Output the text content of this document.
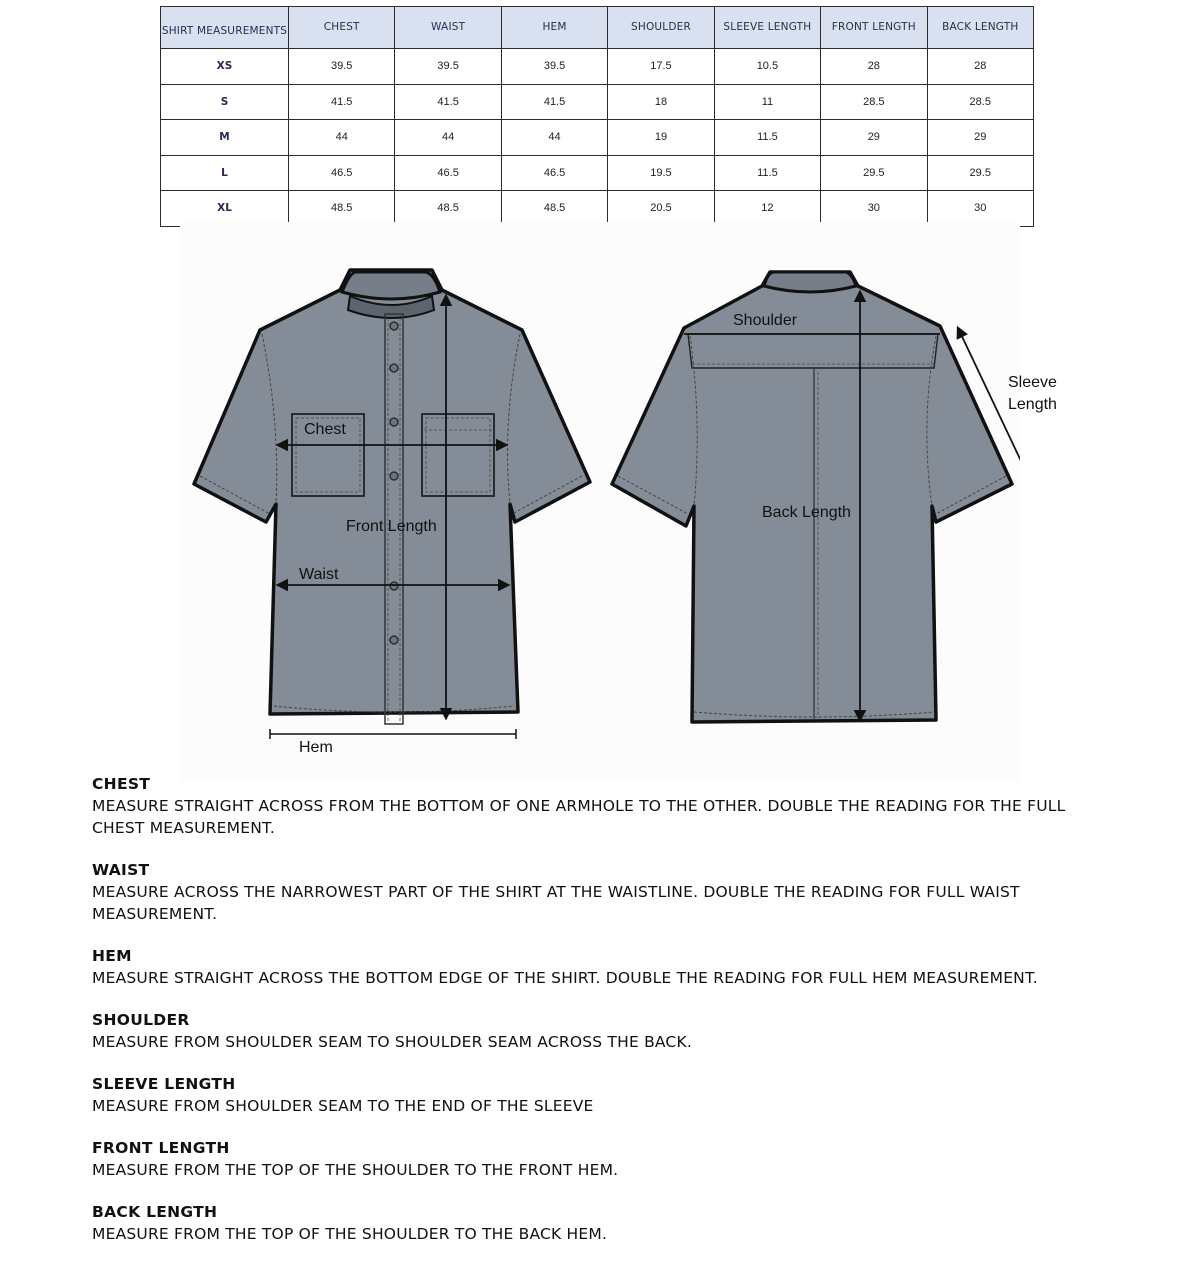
SHIRT MEASUREMENTS	CHEST	WAIST	HEM	SHOULDER	SLEEVE LENGTH	FRONT LENGTH	BACK LENGTH
XS	39.5	39.5	39.5	17.5	10.5	28	28
S	41.5	41.5	41.5	18	11	28.5	28.5
M	44	44	44	19	11.5	29	29
L	46.5	46.5	46.5	19.5	11.5	29.5	29.5
XL	48.5	48.5	48.5	20.5	12	30	30
Chest
Front Length
Waist
Hem
Shoulder
Back Length
Sleeve
Length
CHEST
MEASURE STRAIGHT ACROSS FROM THE BOTTOM OF ONE ARMHOLE TO THE OTHER. DOUBLE THE READING FOR THE FULL CHEST MEASUREMENT.
WAIST
MEASURE ACROSS THE NARROWEST PART OF THE SHIRT AT THE WAISTLINE. DOUBLE THE READING FOR FULL WAIST MEASUREMENT.
HEM
MEASURE STRAIGHT ACROSS THE BOTTOM EDGE OF THE SHIRT. DOUBLE THE READING FOR FULL HEM MEASUREMENT.
SHOULDER
MEASURE FROM SHOULDER SEAM TO SHOULDER SEAM ACROSS THE BACK.
SLEEVE LENGTH
MEASURE FROM SHOULDER SEAM TO THE END OF THE SLEEVE
FRONT LENGTH
MEASURE FROM THE TOP OF THE SHOULDER TO THE FRONT HEM.
BACK LENGTH
MEASURE FROM THE TOP OF THE SHOULDER TO THE BACK HEM.
